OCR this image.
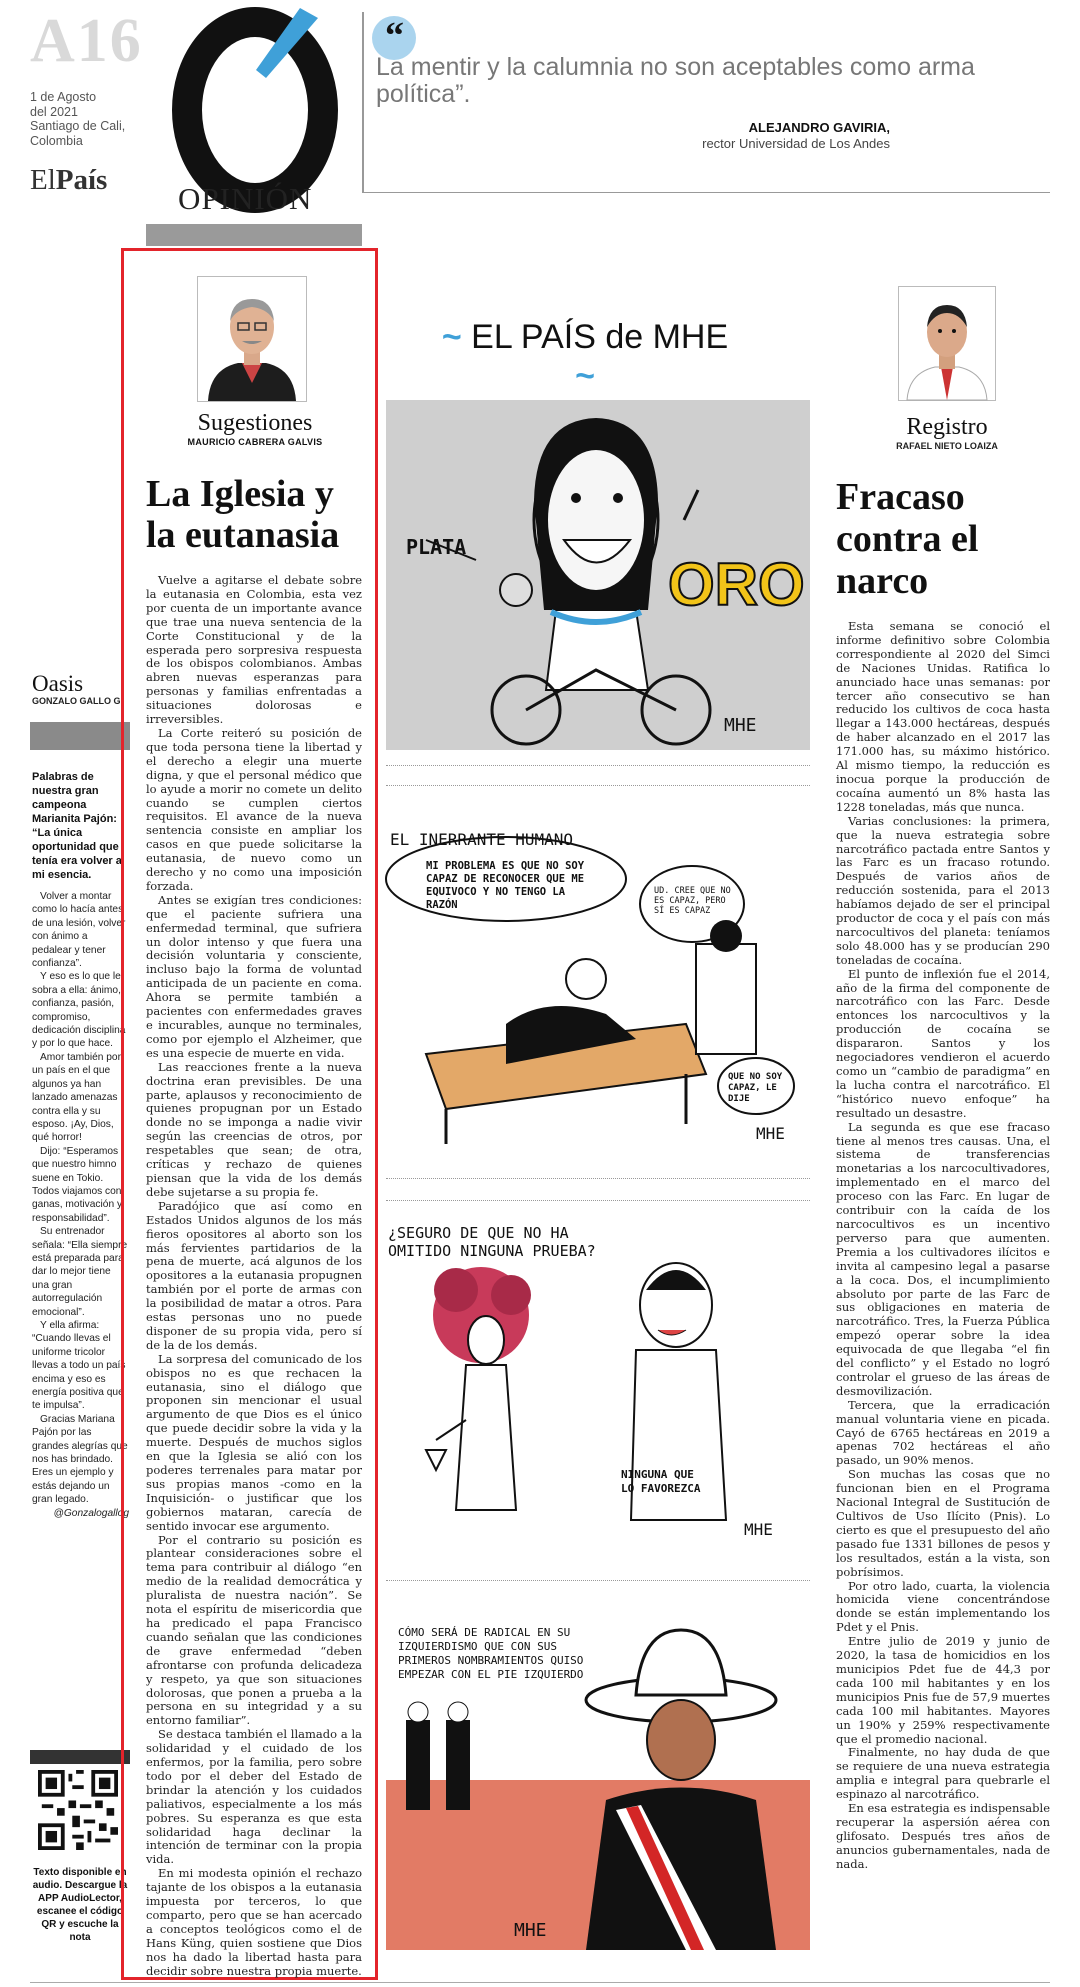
A16
1 de Agosto
del 2021
Santiago de Cali,
Colombia
ElPaís
OPINIÓN
“
La mentir y la calumnia no son aceptables como arma política”.
ALEJANDRO GAVIRIA,
rector Universidad de Los Andes
Oasis
GONZALO GALLO G.
Palabras de nuestra gran campeona Marianita Pajón: “La única oportunidad que tenía era volver a mi esencia.

Volver a montar como lo hacía antes de una lesión, volver con ánimo a pedalear y tener confianza”.

Y eso es lo que le sobra a ella: ánimo, confianza, pasión, compromiso, dedicación disciplina y por lo que hace.

Amor también por un país en el que algunos ya han lanzado amenazas contra ella y su esposo. ¡Ay, Dios, qué horror!

Dijo: “Esperamos que nuestro himno suene en Tokio. Todos viajamos con ganas, motivación y responsabilidad”.

Su entrenador señala: “Ella siempre está preparada para dar lo mejor tiene una gran autorregulación emocional”.

Y ella afirma: “Cuando llevas el uniforme tricolor llevas a todo un país encima y eso es energía positiva que te impulsa”.

Gracias Mariana Pajón por las grandes alegrías que nos has brindado. Eres un ejemplo y estás dejando un gran legado.

@Gonzalogallog

Texto disponible en audio. Descargue la APP AudioLector, escanee el código QR y escuche la nota
Sugestiones
MAURICIO CABRERA GALVIS
La Iglesia y la eutanasia

Vuelve a agitarse el debate sobre la eutanasia en Colombia, esta vez por cuenta de un importante avance que trae una nueva sentencia de la Corte Constitucional y de la esperada pero sorpresiva respuesta de los obispos colombianos. Ambas abren nuevas esperanzas para personas y familias enfrentadas a situaciones dolorosas e irreversibles.

La Corte reiteró su posición de que toda persona tiene la libertad y el derecho a elegir una muerte digna, y que el personal médico que lo ayude a morir no comete un delito cuando se cumplen ciertos requisitos. El avance de la nueva sentencia consiste en ampliar los casos en que puede solicitarse la eutanasia, de nuevo como un derecho y no como una imposición forzada.

Antes se exigían tres condiciones: que el paciente sufriera una enfermedad terminal, que sufriera un dolor intenso y que fuera una decisión voluntaria y consciente, incluso bajo la forma de voluntad anticipada de un paciente en coma. Ahora se permite también a pacientes con enfermedades graves e incurables, aunque no terminales, como por ejemplo el Alzheimer, que es una especie de muerte en vida.

Las reacciones frente a la nueva doctrina eran previsibles. De una parte, aplausos y reconocimiento de quienes propugnan por un Estado donde no se imponga a nadie vivir según las creencias de otros, por respetables que sean; de otra, críticas y rechazo de quienes piensan que la vida de los demás debe sujetarse a su propia fe.

Paradójico que así como en Estados Unidos algunos de los más fieros opositores al aborto son los más fervientes partidarios de la pena de muerte, acá algunos de los opositores a la eutanasia propugnen también por el porte de armas con la posibilidad de matar a otros. Para estas personas uno no puede disponer de su propia vida, pero sí de la de los demás.

La sorpresa del comunicado de los obispos no es que rechacen la eutanasia, sino el diálogo que proponen sin mencionar el usual argumento de que Dios es el único que puede decidir sobre la vida y la muerte. Después de muchos siglos en que la Iglesia se alió con los poderes terrenales para matar por sus propias manos -como en la Inquisición- o justificar que los gobiernos mataran, carecía de sentido invocar ese argumento.

Por el contrario su posición es plantear consideraciones sobre el tema para contribuir al diálogo “en medio de la realidad democrática y pluralista de nuestra nación”. Se nota el espíritu de misericordia que ha predicado el papa Francisco cuando señalan que las condiciones de grave enfermedad “deben afrontarse con profunda delicadeza y respeto, ya que son situaciones dolorosas, que ponen a prueba a la persona en su integridad y a su entorno familiar”.

Se destaca también el llamado a la solidaridad y el cuidado de los enfermos, por la familia, pero sobre todo por el deber del Estado de brindar la atención y los cuidados paliativos, especialmente a los más pobres. Su esperanza es que esta solidaridad haga declinar la intención de terminar con la propia vida.

En mi modesta opinión el rechazo tajante de los obispos a la eutanasia impuesta por terceros, lo que comparto, pero que se han acercado a conceptos teológicos como el de Hans Küng, quien sostiene que Dios nos ha dado la libertad hasta para decidir sobre nuestra propia muerte.

~ EL PAÍS de MHE ~
PLATA
ORO
MHE
EL INERRANTE HUMANO
MI PROBLEMA ES QUE NO SOY CAPAZ DE RECONOCER QUE ME EQUIVOCO Y NO TENGO LA RAZÓN
UD. CREE QUE NO ES CAPAZ, PERO SÍ ES CAPAZ
QUE NO SOY CAPAZ, LE DIJE
MHE
¿SEGURO DE QUE NO HA OMITIDO NINGUNA PRUEBA?
NINGUNA QUE LO FAVOREZCA
MHE
CÓMO SERÁ DE RADICAL EN SU IZQUIERDISMO QUE CON SUS PRIMEROS NOMBRAMIENTOS QUISO EMPEZAR CON EL PIE IZQUIERDO
MHE
Registro
RAFAEL NIETO LOAIZA
Fracaso contra el narco

Esta semana se conoció el informe definitivo sobre Colombia correspondiente al 2020 del Simci de Naciones Unidas. Ratifica lo anunciado hace unas semanas: por tercer año consecutivo se han reducido los cultivos de coca hasta llegar a 143.000 hectáreas, después de haber alcanzado en el 2017 las 171.000 has, su máximo histórico. Al mismo tiempo, la reducción es inocua porque la producción de cocaína aumentó un 8% hasta las 1228 toneladas, más que nunca.

Varias conclusiones: la primera, que la nueva estrategia sobre narcotráfico pactada entre Santos y las Farc es un fracaso rotundo. Después de varios años de reducción sostenida, para el 2013 habíamos dejado de ser el principal productor de coca y el país con más narcocultivos del planeta: teníamos solo 48.000 has y se producían 290 toneladas de cocaína.

El punto de inflexión fue el 2014, año de la firma del componente de narcotráfico con las Farc. Desde entonces los narcocultivos y la producción de cocaína se dispararon. Santos y los negociadores vendieron el acuerdo como un “cambio de paradigma” en la lucha contra el narcotráfico. El “histórico nuevo enfoque” ha resultado un desastre.

La segunda es que ese fracaso tiene al menos tres causas. Una, el sistema de transferencias monetarias a los narcocultivadores, implementado en el marco del proceso con las Farc. En lugar de contribuir con la caída de los narcocultivos es un incentivo perverso para que aumenten. Premia a los cultivadores ilícitos e invita al campesino legal a pasarse a la coca. Dos, el incumplimiento absoluto por parte de las Farc de sus obligaciones en materia de narcotráfico. Tres, la Fuerza Pública empezó operar sobre la idea equivocada de que llegaba “el fin del conflicto” y el Estado no logró controlar el grueso de las áreas de desmovilización.

Tercera, que la erradicación manual voluntaria viene en picada. Cayó de 6765 hectáreas en 2019 a apenas 702 hectáreas el año pasado, un 90% menos.

Son muchas las cosas que no funcionan bien en el Programa Nacional Integral de Sustitución de Cultivos de Uso Ilícito (Pnis). Lo cierto es que el presupuesto del año pasado fue 1331 billones de pesos y los resultados, están a la vista, son pobrísimos.

Por otro lado, cuarta, la violencia homicida viene concentrándose donde se están implementando los Pdet y el Pnis.

Entre julio de 2019 y junio de 2020, la tasa de homicidios en los municipios Pdet fue de 44,3 por cada 100 mil habitantes y en los municipios Pnis fue de 57,9 muertes cada 100 mil habitantes. Mayores un 190% y 259% respectivamente que el promedio nacional.

Finalmente, no hay duda de que se requiere de una nueva estrategia amplia e integral para quebrarle el espinazo al narcotráfico.

En esa estrategia es indispensable recuperar la aspersión aérea con glifosato. Después tres años de anuncios gubernamentales, nada de nada.
